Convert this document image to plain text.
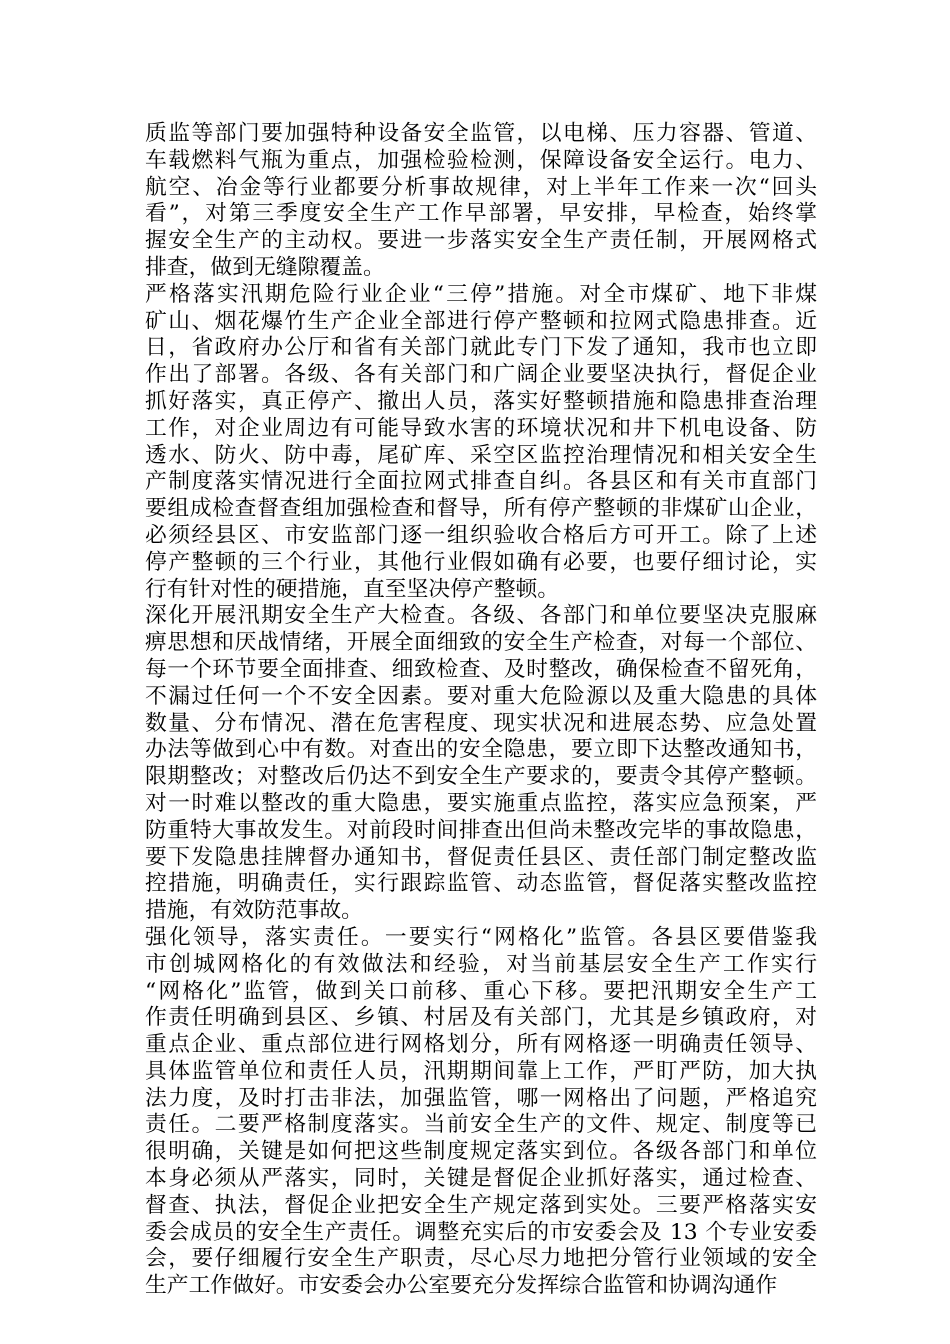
质监等部门要加强特种设备安全监管，以电梯、压力容器、管道、
车载燃料气瓶为重点，加强检验检测，保障设备安全运行。电力、
航空、冶金等行业都要分析事故规律，对上半年工作来一次“回头
看”，对第三季度安全生产工作早部署，早安排，早检查，始终掌
握安全生产的主动权。要进一步落实安全生产责任制，开展网格式
排查，做到无缝隙覆盖。
严格落实汛期危险行业企业“三停”措施。对全市煤矿、地下非煤
矿山、烟花爆竹生产企业全部进行停产整顿和拉网式隐患排查。近
日，省政府办公厅和省有关部门就此专门下发了通知，我市也立即
作出了部署。各级、各有关部门和广阔企业要坚决执行，督促企业
抓好落实，真正停产、撤出人员，落实好整顿措施和隐患排查治理
工作，对企业周边有可能导致水害的环境状况和井下机电设备、防
透水、防火、防中毒，尾矿库、采空区监控治理情况和相关安全生
产制度落实情况进行全面拉网式排查自纠。各县区和有关市直部门
要组成检查督查组加强检查和督导，所有停产整顿的非煤矿山企业，
必须经县区、市安监部门逐一组织验收合格后方可开工。除了上述
停产整顿的三个行业，其他行业假如确有必要，也要仔细讨论，实
行有针对性的硬措施，直至坚决停产整顿。
深化开展汛期安全生产大检查。各级、各部门和单位要坚决克服麻
痹思想和厌战情绪，开展全面细致的安全生产检查，对每一个部位、
每一个环节要全面排查、细致检查、及时整改，确保检查不留死角，
不漏过任何一个不安全因素。要对重大危险源以及重大隐患的具体
数量、分布情况、潜在危害程度、现实状况和进展态势、应急处置
办法等做到心中有数。对查出的安全隐患，要立即下达整改通知书，
限期整改；对整改后仍达不到安全生产要求的，要责令其停产整顿。
对一时难以整改的重大隐患，要实施重点监控，落实应急预案，严
防重特大事故发生。对前段时间排查出但尚未整改完毕的事故隐患，
要下发隐患挂牌督办通知书，督促责任县区、责任部门制定整改监
控措施，明确责任，实行跟踪监管、动态监管，督促落实整改监控
措施，有效防范事故。
强化领导，落实责任。一要实行“网格化”监管。各县区要借鉴我
市创城网格化的有效做法和经验，对当前基层安全生产工作实行
“网格化”监管，做到关口前移、重心下移。要把汛期安全生产工
作责任明确到县区、乡镇、村居及有关部门，尤其是乡镇政府，对
重点企业、重点部位进行网格划分，所有网格逐一明确责任领导、
具体监管单位和责任人员，汛期期间靠上工作，严盯严防，加大执
法力度，及时打击非法，加强监管，哪一网格出了问题，严格追究
责任。二要严格制度落实。当前安全生产的文件、规定、制度等已
很明确，关键是如何把这些制度规定落实到位。各级各部门和单位
本身必须从严落实，同时，关键是督促企业抓好落实，通过检查、
督查、执法，督促企业把安全生产规定落到实处。三要严格落实安
委会成员的安全生产责任。调整充实后的市安委会及 13 个专业安委
会，要仔细履行安全生产职责，尽心尽力地把分管行业领域的安全
生产工作做好。市安委会办公室要充分发挥综合监管和协调沟通作
